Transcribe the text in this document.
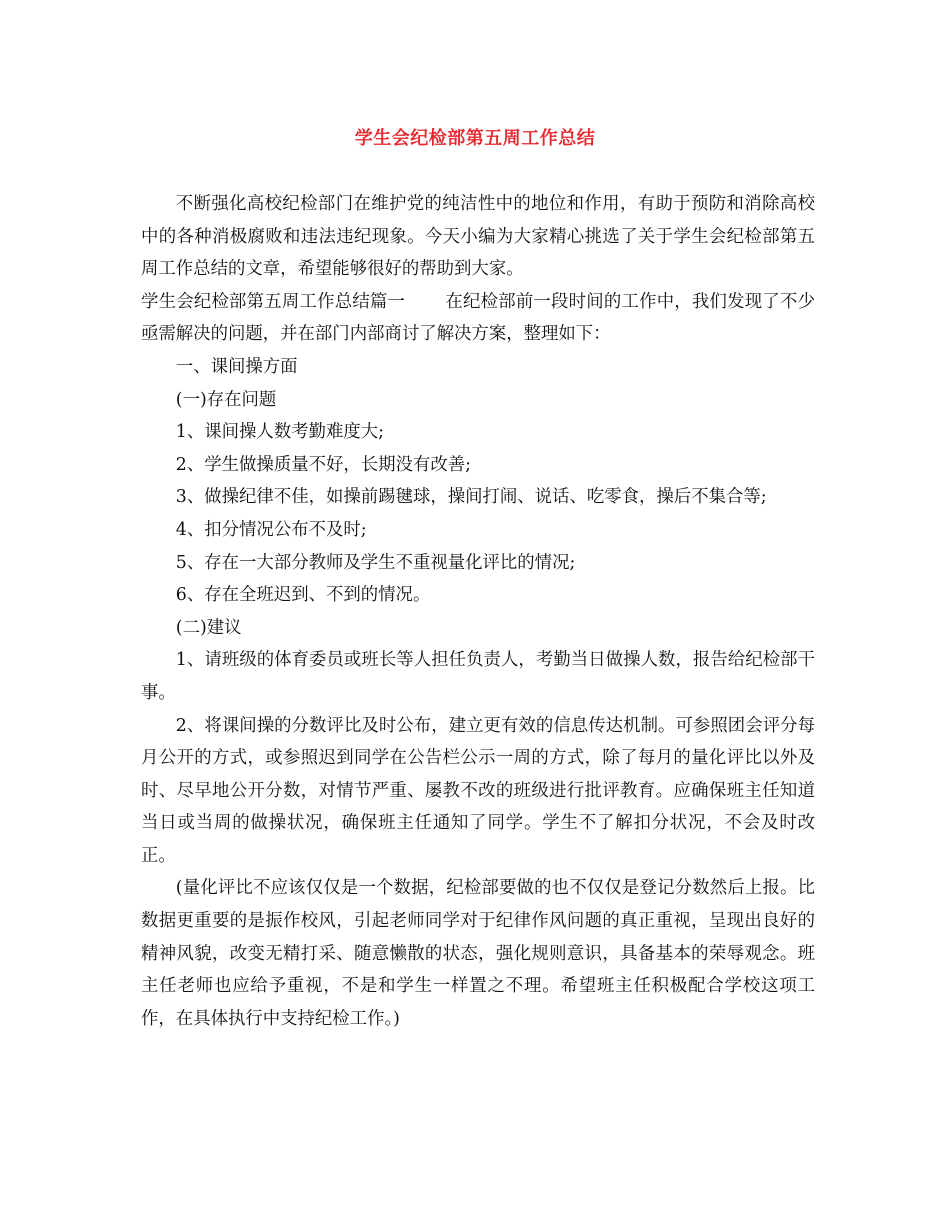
学生会纪检部第五周工作总结

不断强化高校纪检部门在维护党的纯洁性中的地位和作用，有助于预防和消除高校中的各种消极腐败和违法违纪现象。今天小编为大家精心挑选了关于学生会纪检部第五周工作总结的文章，希望能够很好的帮助到大家。

学生会纪检部第五周工作总结篇一 在纪检部前一段时间的工作中，我们发现了不少亟需解决的问题，并在部门内部商讨了解决方案，整理如下：

一、课间操方面

(一)存在问题

1、课间操人数考勤难度大;

2、学生做操质量不好，长期没有改善;

3、做操纪律不佳，如操前踢毽球，操间打闹、说话、吃零食，操后不集合等;

4、扣分情况公布不及时;

5、存在一大部分教师及学生不重视量化评比的情况;

6、存在全班迟到、不到的情况。

(二)建议

1、请班级的体育委员或班长等人担任负责人，考勤当日做操人数，报告给纪检部干事。

2、将课间操的分数评比及时公布，建立更有效的信息传达机制。可参照团会评分每月公开的方式，或参照迟到同学在公告栏公示一周的方式，除了每月的量化评比以外及时、尽早地公开分数，对情节严重、屡教不改的班级进行批评教育。应确保班主任知道当日或当周的做操状况，确保班主任通知了同学。学生不了解扣分状况，不会及时改正。

(量化评比不应该仅仅是一个数据，纪检部要做的也不仅仅是登记分数然后上报。比数据更重要的是振作校风，引起老师同学对于纪律作风问题的真正重视，呈现出良好的精神风貌，改变无精打采、随意懒散的状态，强化规则意识，具备基本的荣辱观念。班主任老师也应给予重视，不是和学生一样置之不理。希望班主任积极配合学校这项工作，在具体执行中支持纪检工作。)
